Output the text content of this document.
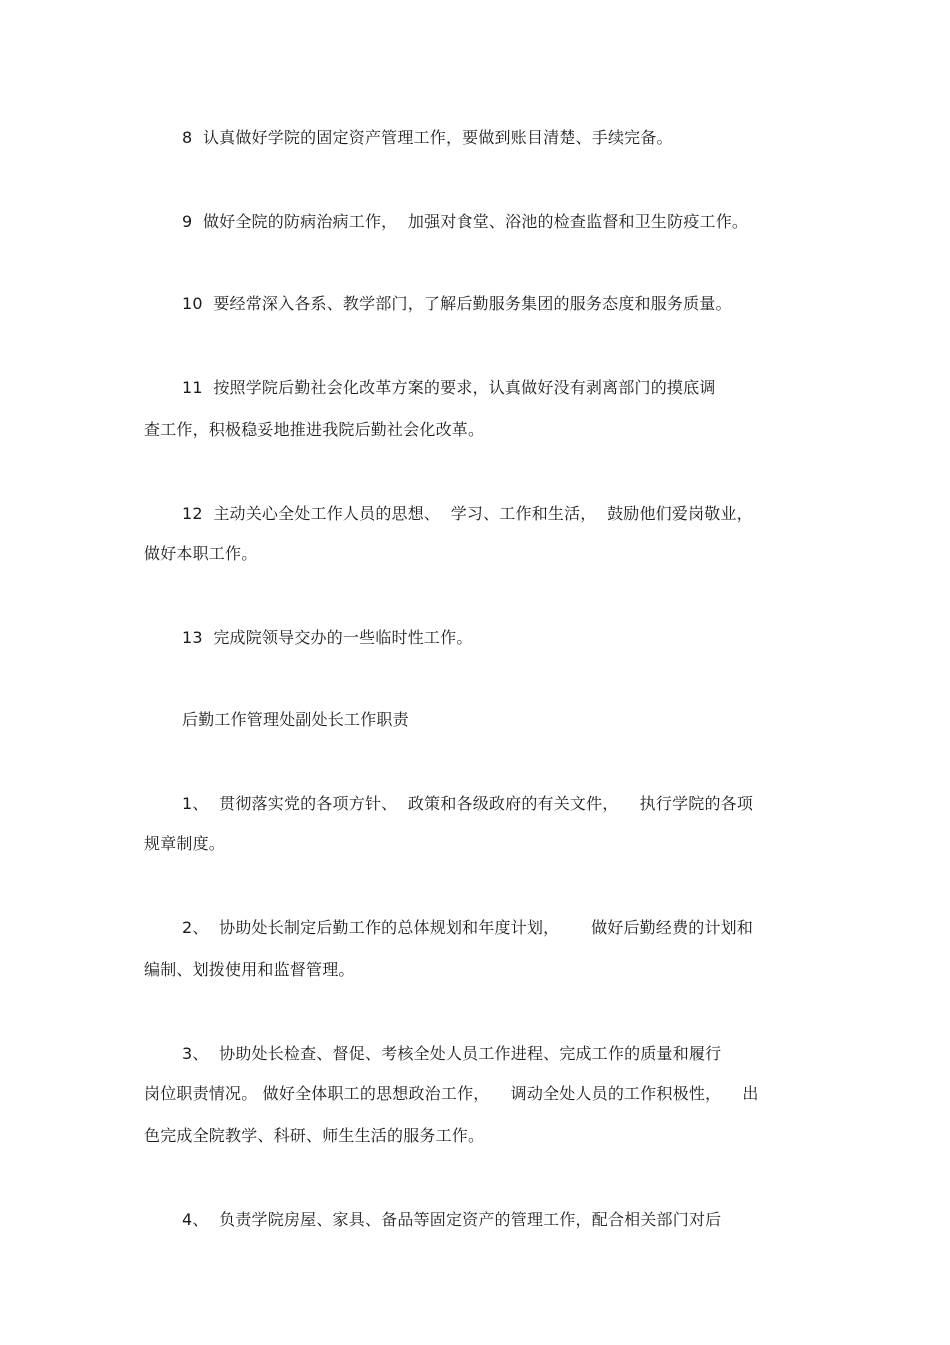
8  认真做好学院的固定资产管理工作，要做到账目清楚、手续完备。
9  做好全院的防病治病工作，  加强对食堂、浴池的检查监督和卫生防疫工作。
10  要经常深入各系、教学部门，了解后勤服务集团的服务态度和服务质量。
11  按照学院后勤社会化改革方案的要求，认真做好没有剥离部门的摸底调
查工作，积极稳妥地推进我院后勤社会化改革。
12  主动关心全处工作人员的思想、  学习、工作和生活，  鼓励他们爱岗敬业，
做好本职工作。
13  完成院领导交办的一些临时性工作。
后勤工作管理处副处长工作职责
1、  贯彻落实党的各项方针、  政策和各级政府的有关文件，    执行学院的各项
规章制度。
2、  协助处长制定后勤工作的总体规划和年度计划，      做好后勤经费的计划和
编制、划拨使用和监督管理。
3、  协助处长检查、督促、考核全处人员工作进程、完成工作的质量和履行
岗位职责情况。 做好全体职工的思想政治工作，    调动全处人员的工作积极性，    出
色完成全院教学、科研、师生生活的服务工作。
4、  负责学院房屋、家具、备品等固定资产的管理工作，配合相关部门对后
